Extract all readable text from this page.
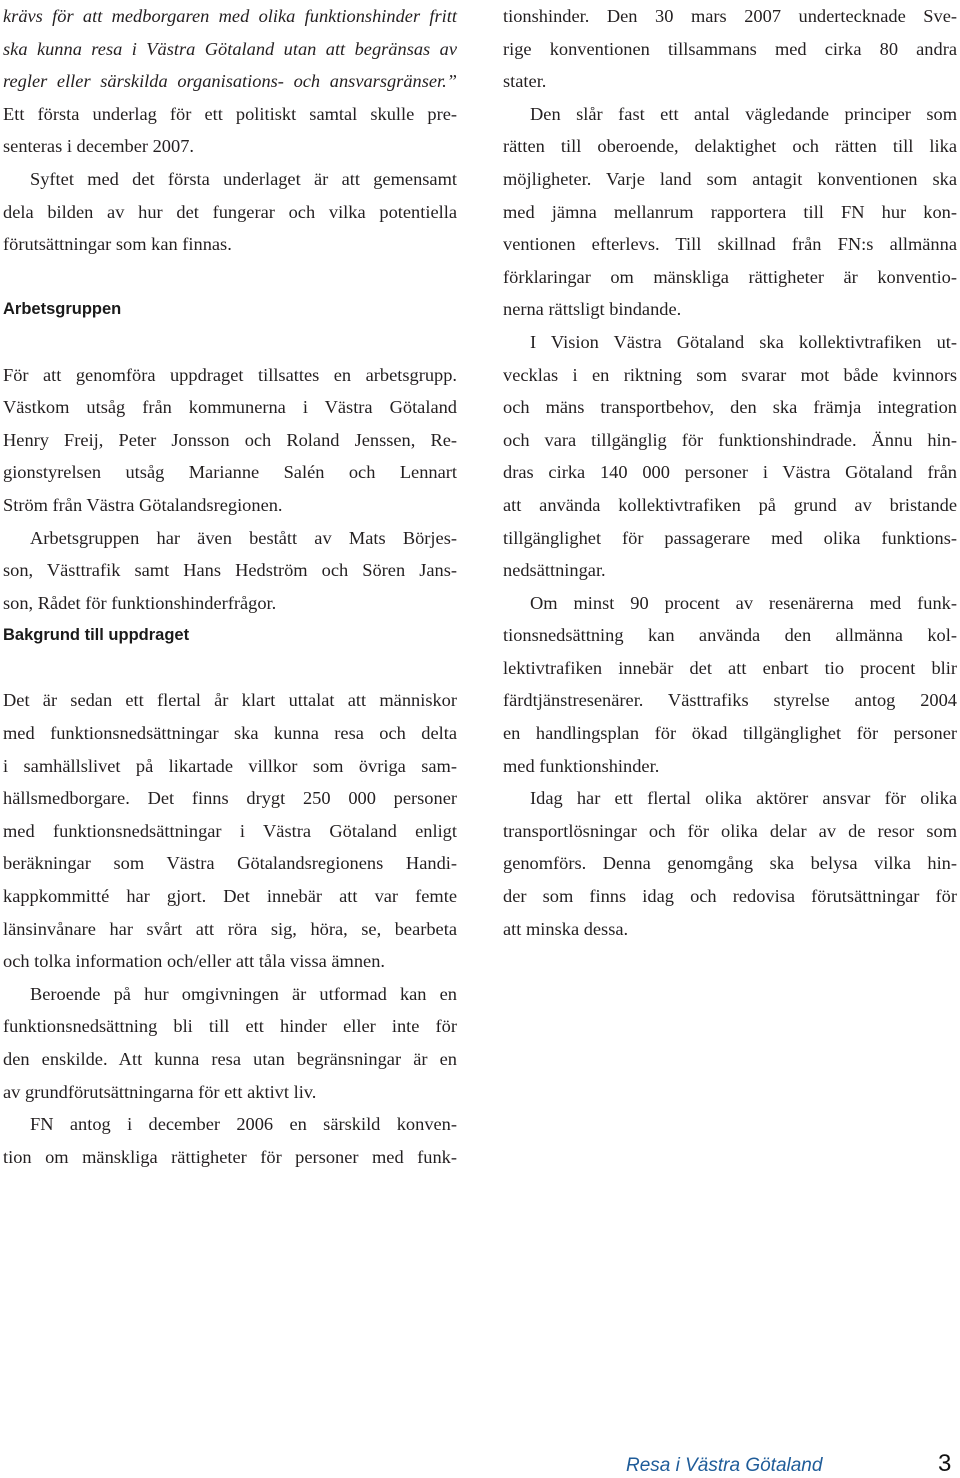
krävs för att medborgaren med olika funktionshinder fritt
ska kunna resa i Västra Götaland utan att begränsas av
regler eller särskilda organisations- och ansvarsgränser.”
Ett första underlag för ett politiskt samtal skulle pre-
senteras i december 2007.
Syftet med det första underlaget är att gemensamt
dela bilden av hur det fungerar och vilka potentiella
förutsättningar som kan finnas.
Arbetsgruppen
För att genomföra uppdraget tillsattes en arbetsgrupp.
Västkom utsåg från kommunerna i Västra Götaland
Henry Freij, Peter Jonsson och Roland Jenssen, Re-
gionstyrelsen utsåg Marianne Salén och Lennart
Ström från Västra Götalandsregionen.
Arbetsgruppen har även bestått av Mats Börjes-
son, Västtrafik samt Hans Hedström och Sören Jans-
son, Rådet för funktionshinderfrågor.
Bakgrund till uppdraget
Det är sedan ett flertal år klart uttalat att människor
med funktionsnedsättningar ska kunna resa och delta
i samhällslivet på likartade villkor som övriga sam-
hällsmedborgare. Det finns drygt 250 000 personer
med funktionsnedsättningar i Västra Götaland enligt
beräkningar som Västra Götalandsregionens Handi-
kappkommitté har gjort. Det innebär att var femte
länsinvånare har svårt att röra sig, höra, se, bearbeta
och tolka information och/eller att tåla vissa ämnen.
Beroende på hur omgivningen är utformad kan en
funktionsnedsättning bli till ett hinder eller inte för
den enskilde. Att kunna resa utan begränsningar är en
av grundförutsättningarna för ett aktivt liv.
FN antog i december 2006 en särskild konven-
tion om mänskliga rättigheter för personer med funk-
tionshinder. Den 30 mars 2007 undertecknade Sve-
rige konventionen tillsammans med cirka 80 andra
stater.
Den slår fast ett antal vägledande principer som
rätten till oberoende, delaktighet och rätten till lika
möjligheter. Varje land som antagit konventionen ska
med jämna mellanrum rapportera till FN hur kon-
ventionen efterlevs. Till skillnad från FN:s allmänna
förklaringar om mänskliga rättigheter är konventio-
nerna rättsligt bindande.
I Vision Västra Götaland ska kollektivtrafiken ut-
vecklas i en riktning som svarar mot både kvinnors
och mäns transportbehov, den ska främja integration
och vara tillgänglig för funktionshindrade. Ännu hin-
dras cirka 140 000 personer i Västra Götaland från
att använda kollektivtrafiken på grund av bristande
tillgänglighet för passagerare med olika funktions-
nedsättningar.
Om minst 90 procent av resenärerna med funk-
tionsnedsättning kan använda den allmänna kol-
lektivtrafiken innebär det att enbart tio procent blir
färdtjänstresenärer. Västtrafiks styrelse antog 2004
en handlingsplan för ökad tillgänglighet för personer
med funktionshinder.
Idag har ett flertal olika aktörer ansvar för olika
transportlösningar och för olika delar av de resor som
genomförs. Denna genomgång ska belysa vilka hin-
der som finns idag och redovisa förutsättningar för
att minska dessa.
Resa i Västra Götaland	3
